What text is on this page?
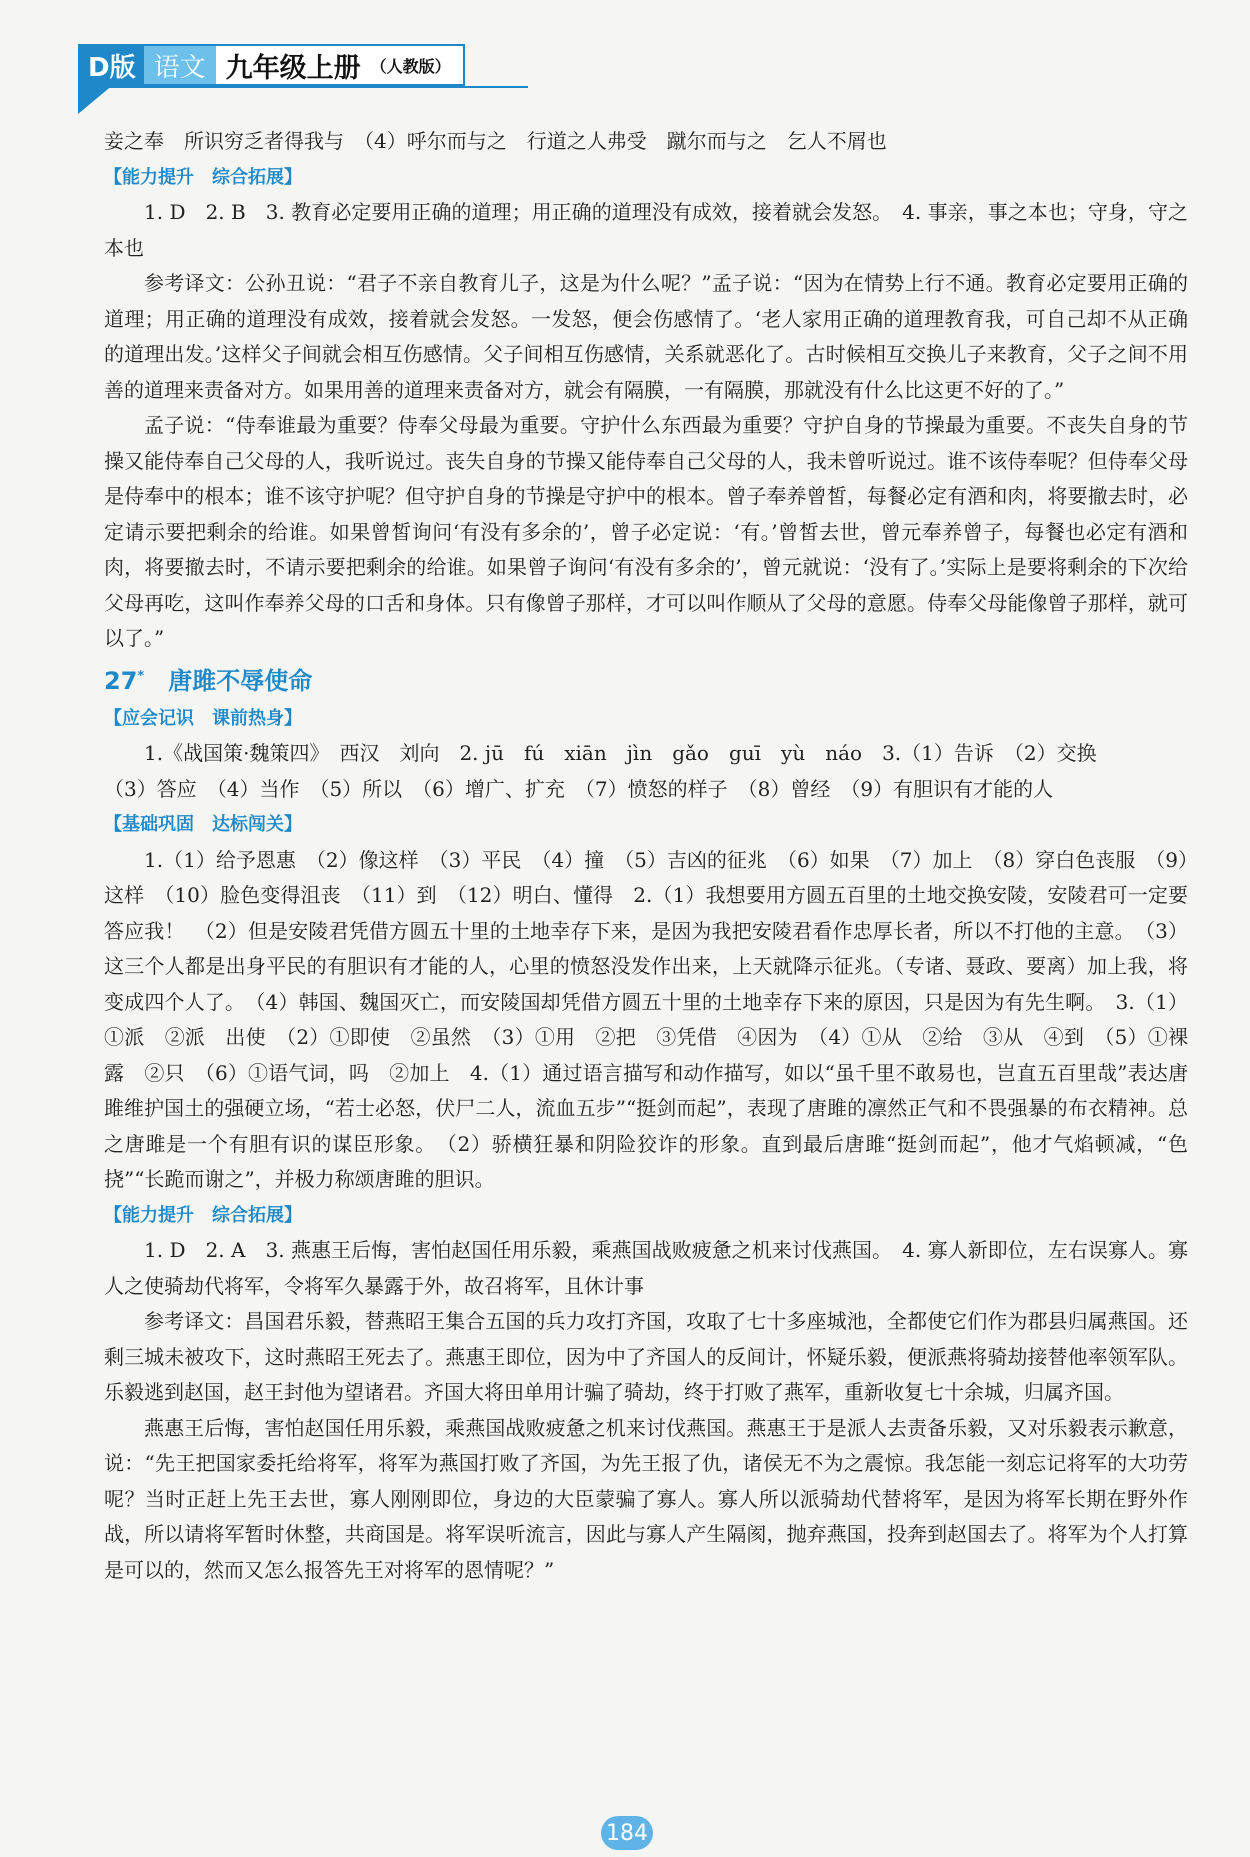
D版 语文 九年级上册 （人教版）

妾之奉　所识穷乏者得我与　（4）呼尔而与之　行道之人弗受　蹴尔而与之　乞人不屑也

【能力提升　综合拓展】

1. D　2. B　3. 教育必定要用正确的道理；用正确的道理没有成效，接着就会发怒。　4. 事亲，事之本也；守身，守之本也

参考译文：公孙丑说：“君子不亲自教育儿子，这是为什么呢？”孟子说：“因为在情势上行不通。教育必定要用正确的道理；用正确的道理没有成效，接着就会发怒。一发怒，便会伤感情了。‘老人家用正确的道理教育我，可自己却不从正确的道理出发。’这样父子间就会相互伤感情。父子间相互伤感情，关系就恶化了。古时候相互交换儿子来教育，父子之间不用善的道理来责备对方。如果用善的道理来责备对方，就会有隔膜，一有隔膜，那就没有什么比这更不好的了。”

孟子说：“侍奉谁最为重要？侍奉父母最为重要。守护什么东西最为重要？守护自身的节操最为重要。不丧失自身的节操又能侍奉自己父母的人，我听说过。丧失自身的节操又能侍奉自己父母的人，我未曾听说过。谁不该侍奉呢？但侍奉父母是侍奉中的根本；谁不该守护呢？但守护自身的节操是守护中的根本。曾子奉养曾皙，每餐必定有酒和肉，将要撤去时，必定请示要把剩余的给谁。如果曾皙询问‘有没有多余的’，曾子必定说：‘有。’曾皙去世，曾元奉养曾子，每餐也必定有酒和肉，将要撤去时，不请示要把剩余的给谁。如果曾子询问‘有没有多余的’，曾元就说：‘没有了。’实际上是要将剩余的下次给父母再吃，这叫作奉养父母的口舌和身体。只有像曾子那样，才可以叫作顺从了父母的意愿。侍奉父母能像曾子那样，就可以了。”

27*　 唐雎不辱使命

【应会记识　课前热身】

1.《战国策·魏策四》　西汉　刘向　2. jū　fú　xiān　jìn　gǎo　guī　yù　náo　3.（1）告诉　（2）交换

（3）答应　（4）当作　（5）所以　（6）增广、扩充　（7）愤怒的样子　（8）曾经　（9）有胆识有才能的人

【基础巩固　达标闯关】

1.（1）给予恩惠　（2）像这样　（3）平民　（4）撞　（5）吉凶的征兆　（6）如果　（7）加上　（8）穿白色丧服　（9）这样　（10）脸色变得沮丧　（11）到　（12）明白、懂得　2.（1）我想要用方圆五百里的土地交换安陵，安陵君可一定要答应我！　（2）但是安陵君凭借方圆五十里的土地幸存下来，是因为我把安陵君看作忠厚长者，所以不打他的主意。　（3）这三个人都是出身平民的有胆识有才能的人，心里的愤怒没发作出来，上天就降示征兆。（专诸、聂政、要离）加上我，将变成四个人了。　（4）韩国、魏国灭亡，而安陵国却凭借方圆五十里的土地幸存下来的原因，只是因为有先生啊。　3.（1）①派　②派　出使　（2）①即使　②虽然　（3）①用　②把　③凭借　④因为　（4）①从　②给　③从　④到　（5）①裸露　②只　（6）①语气词，吗　②加上　4.（1）通过语言描写和动作描写，如以“虽千里不敢易也，岂直五百里哉”表达唐雎维护国土的强硬立场，“若士必怒，伏尸二人，流血五步”“挺剑而起”，表现了唐雎的凛然正气和不畏强暴的布衣精神。总之唐雎是一个有胆有识的谋臣形象。　（2）骄横狂暴和阴险狡诈的形象。直到最后唐雎“挺剑而起”，他才气焰顿减，“色挠”“长跪而谢之”，并极力称颂唐雎的胆识。

【能力提升　综合拓展】

1. D　2. A　3. 燕惠王后悔，害怕赵国任用乐毅，乘燕国战败疲惫之机来讨伐燕国。　4. 寡人新即位，左右误寡人。寡人之使骑劫代将军，令将军久暴露于外，故召将军，且休计事

参考译文：昌国君乐毅，替燕昭王集合五国的兵力攻打齐国，攻取了七十多座城池，全都使它们作为郡县归属燕国。还剩三城未被攻下，这时燕昭王死去了。燕惠王即位，因为中了齐国人的反间计，怀疑乐毅，便派燕将骑劫接替他率领军队。乐毅逃到赵国，赵王封他为望诸君。齐国大将田单用计骗了骑劫，终于打败了燕军，重新收复七十余城，归属齐国。

燕惠王后悔，害怕赵国任用乐毅，乘燕国战败疲惫之机来讨伐燕国。燕惠王于是派人去责备乐毅，又对乐毅表示歉意，说：“先王把国家委托给将军，将军为燕国打败了齐国，为先王报了仇，诸侯无不为之震惊。我怎能一刻忘记将军的大功劳呢？当时正赶上先王去世，寡人刚刚即位，身边的大臣蒙骗了寡人。寡人所以派骑劫代替将军，是因为将军长期在野外作战，所以请将军暂时休整，共商国是。将军误听流言，因此与寡人产生隔阂，抛弃燕国，投奔到赵国去了。将军为个人打算是可以的，然而又怎么报答先王对将军的恩情呢？”

184
